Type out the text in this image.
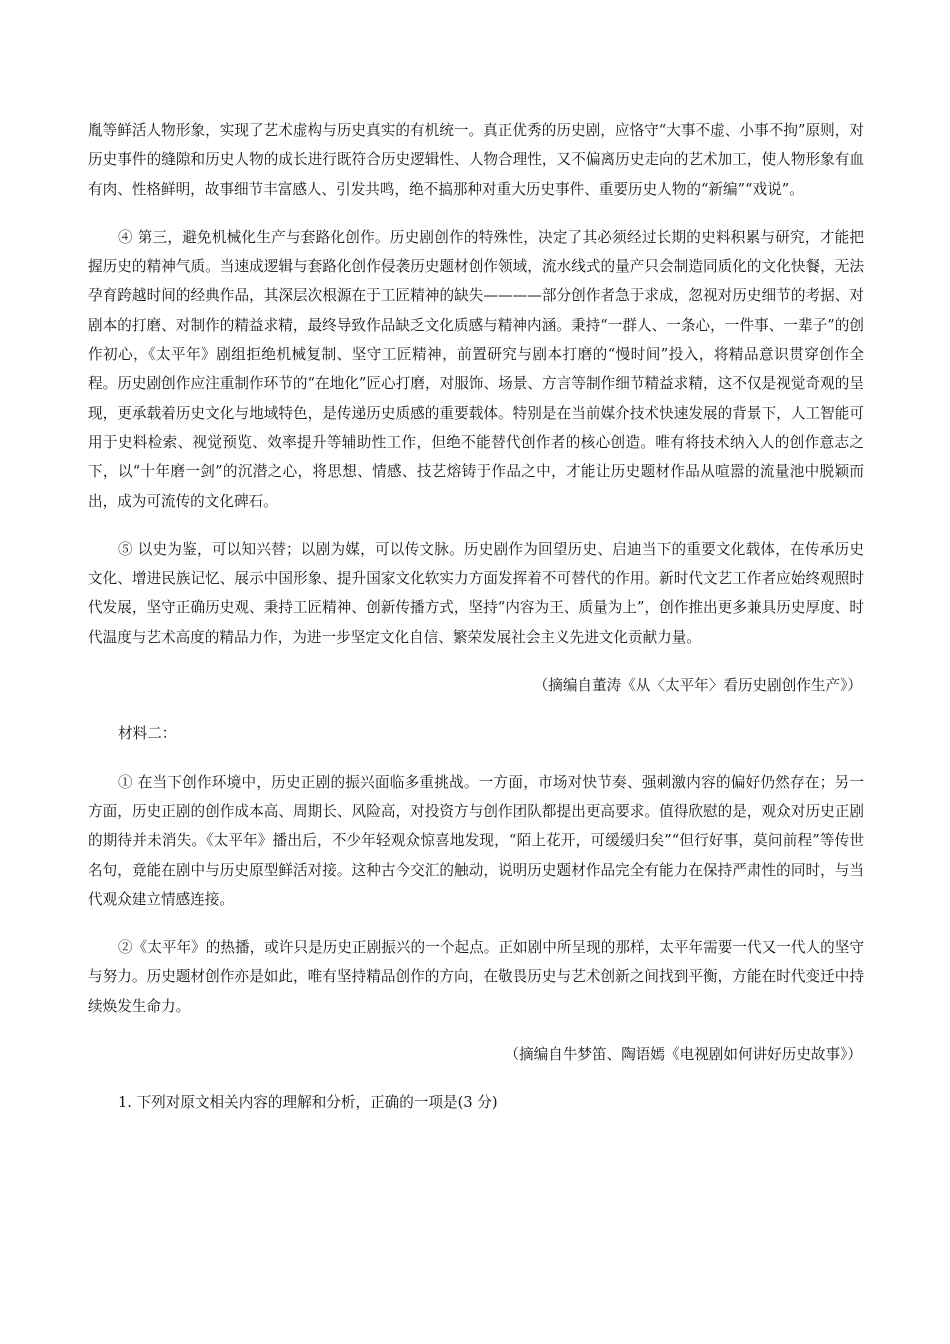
胤等鲜活人物形象，实现了艺术虚构与历史真实的有机统一。真正优秀的历史剧，应恪守“大事不虚、小事不拘”原则，对历史事件的缝隙和历史人物的成长进行既符合历史逻辑性、人物合理性，又不偏离历史走向的艺术加工，使人物形象有血有肉、性格鲜明，故事细节丰富感人、引发共鸣，绝不搞那种对重大历史事件、重要历史人物的“新编”“戏说”。

④ 第三，避免机械化生产与套路化创作。历史剧创作的特殊性，决定了其必须经过长期的史料积累与研究，才能把握历史的精神气质。当速成逻辑与套路化创作侵袭历史题材创作领域，流水线式的量产只会制造同质化的文化快餐，无法孕育跨越时间的经典作品，其深层次根源在于工匠精神的缺失————部分创作者急于求成，忽视对历史细节的考据、对剧本的打磨、对制作的精益求精，最终导致作品缺乏文化质感与精神内涵。秉持“一群人、一条心，一件事、一辈子”的创作初心，《太平年》剧组拒绝机械复制、坚守工匠精神，前置研究与剧本打磨的“慢时间”投入，将精品意识贯穿创作全程。历史剧创作应注重制作环节的“在地化”匠心打磨，对服饰、场景、方言等制作细节精益求精，这不仅是视觉奇观的呈现，更承载着历史文化与地域特色，是传递历史质感的重要载体。特别是在当前媒介技术快速发展的背景下，人工智能可用于史料检索、视觉预览、效率提升等辅助性工作，但绝不能替代创作者的核心创造。唯有将技术纳入人的创作意志之下，以“十年磨一剑”的沉潜之心，将思想、情感、技艺熔铸于作品之中，才能让历史题材作品从喧嚣的流量池中脱颖而出，成为可流传的文化碑石。

⑤ 以史为鉴，可以知兴替；以剧为媒，可以传文脉。历史剧作为回望历史、启迪当下的重要文化载体，在传承历史文化、增进民族记忆、展示中国形象、提升国家文化软实力方面发挥着不可替代的作用。新时代文艺工作者应始终观照时代发展，坚守正确历史观、秉持工匠精神、创新传播方式，坚持“内容为王、质量为上”，创作推出更多兼具历史厚度、时代温度与艺术高度的精品力作，为进一步坚定文化自信、繁荣发展社会主义先进文化贡献力量。

（摘编自董涛《从〈太平年〉看历史剧创作生产》）

材料二：

① 在当下创作环境中，历史正剧的振兴面临多重挑战。一方面，市场对快节奏、强刺激内容的偏好仍然存在；另一方面，历史正剧的创作成本高、周期长、风险高，对投资方与创作团队都提出更高要求。值得欣慰的是，观众对历史正剧的期待并未消失。《太平年》播出后，不少年轻观众惊喜地发现，“陌上花开，可缓缓归矣”“但行好事，莫问前程”等传世名句，竟能在剧中与历史原型鲜活对接。这种古今交汇的触动，说明历史题材作品完全有能力在保持严肃性的同时，与当代观众建立情感连接。

②《太平年》的热播，或许只是历史正剧振兴的一个起点。正如剧中所呈现的那样，太平年需要一代又一代人的坚守与努力。历史题材创作亦是如此，唯有坚持精品创作的方向，在敬畏历史与艺术创新之间找到平衡，方能在时代变迁中持续焕发生命力。

（摘编自牛梦笛、陶语嫣《电视剧如何讲好历史故事》）

1. 下列对原文相关内容的理解和分析，正确的一项是(3 分)
